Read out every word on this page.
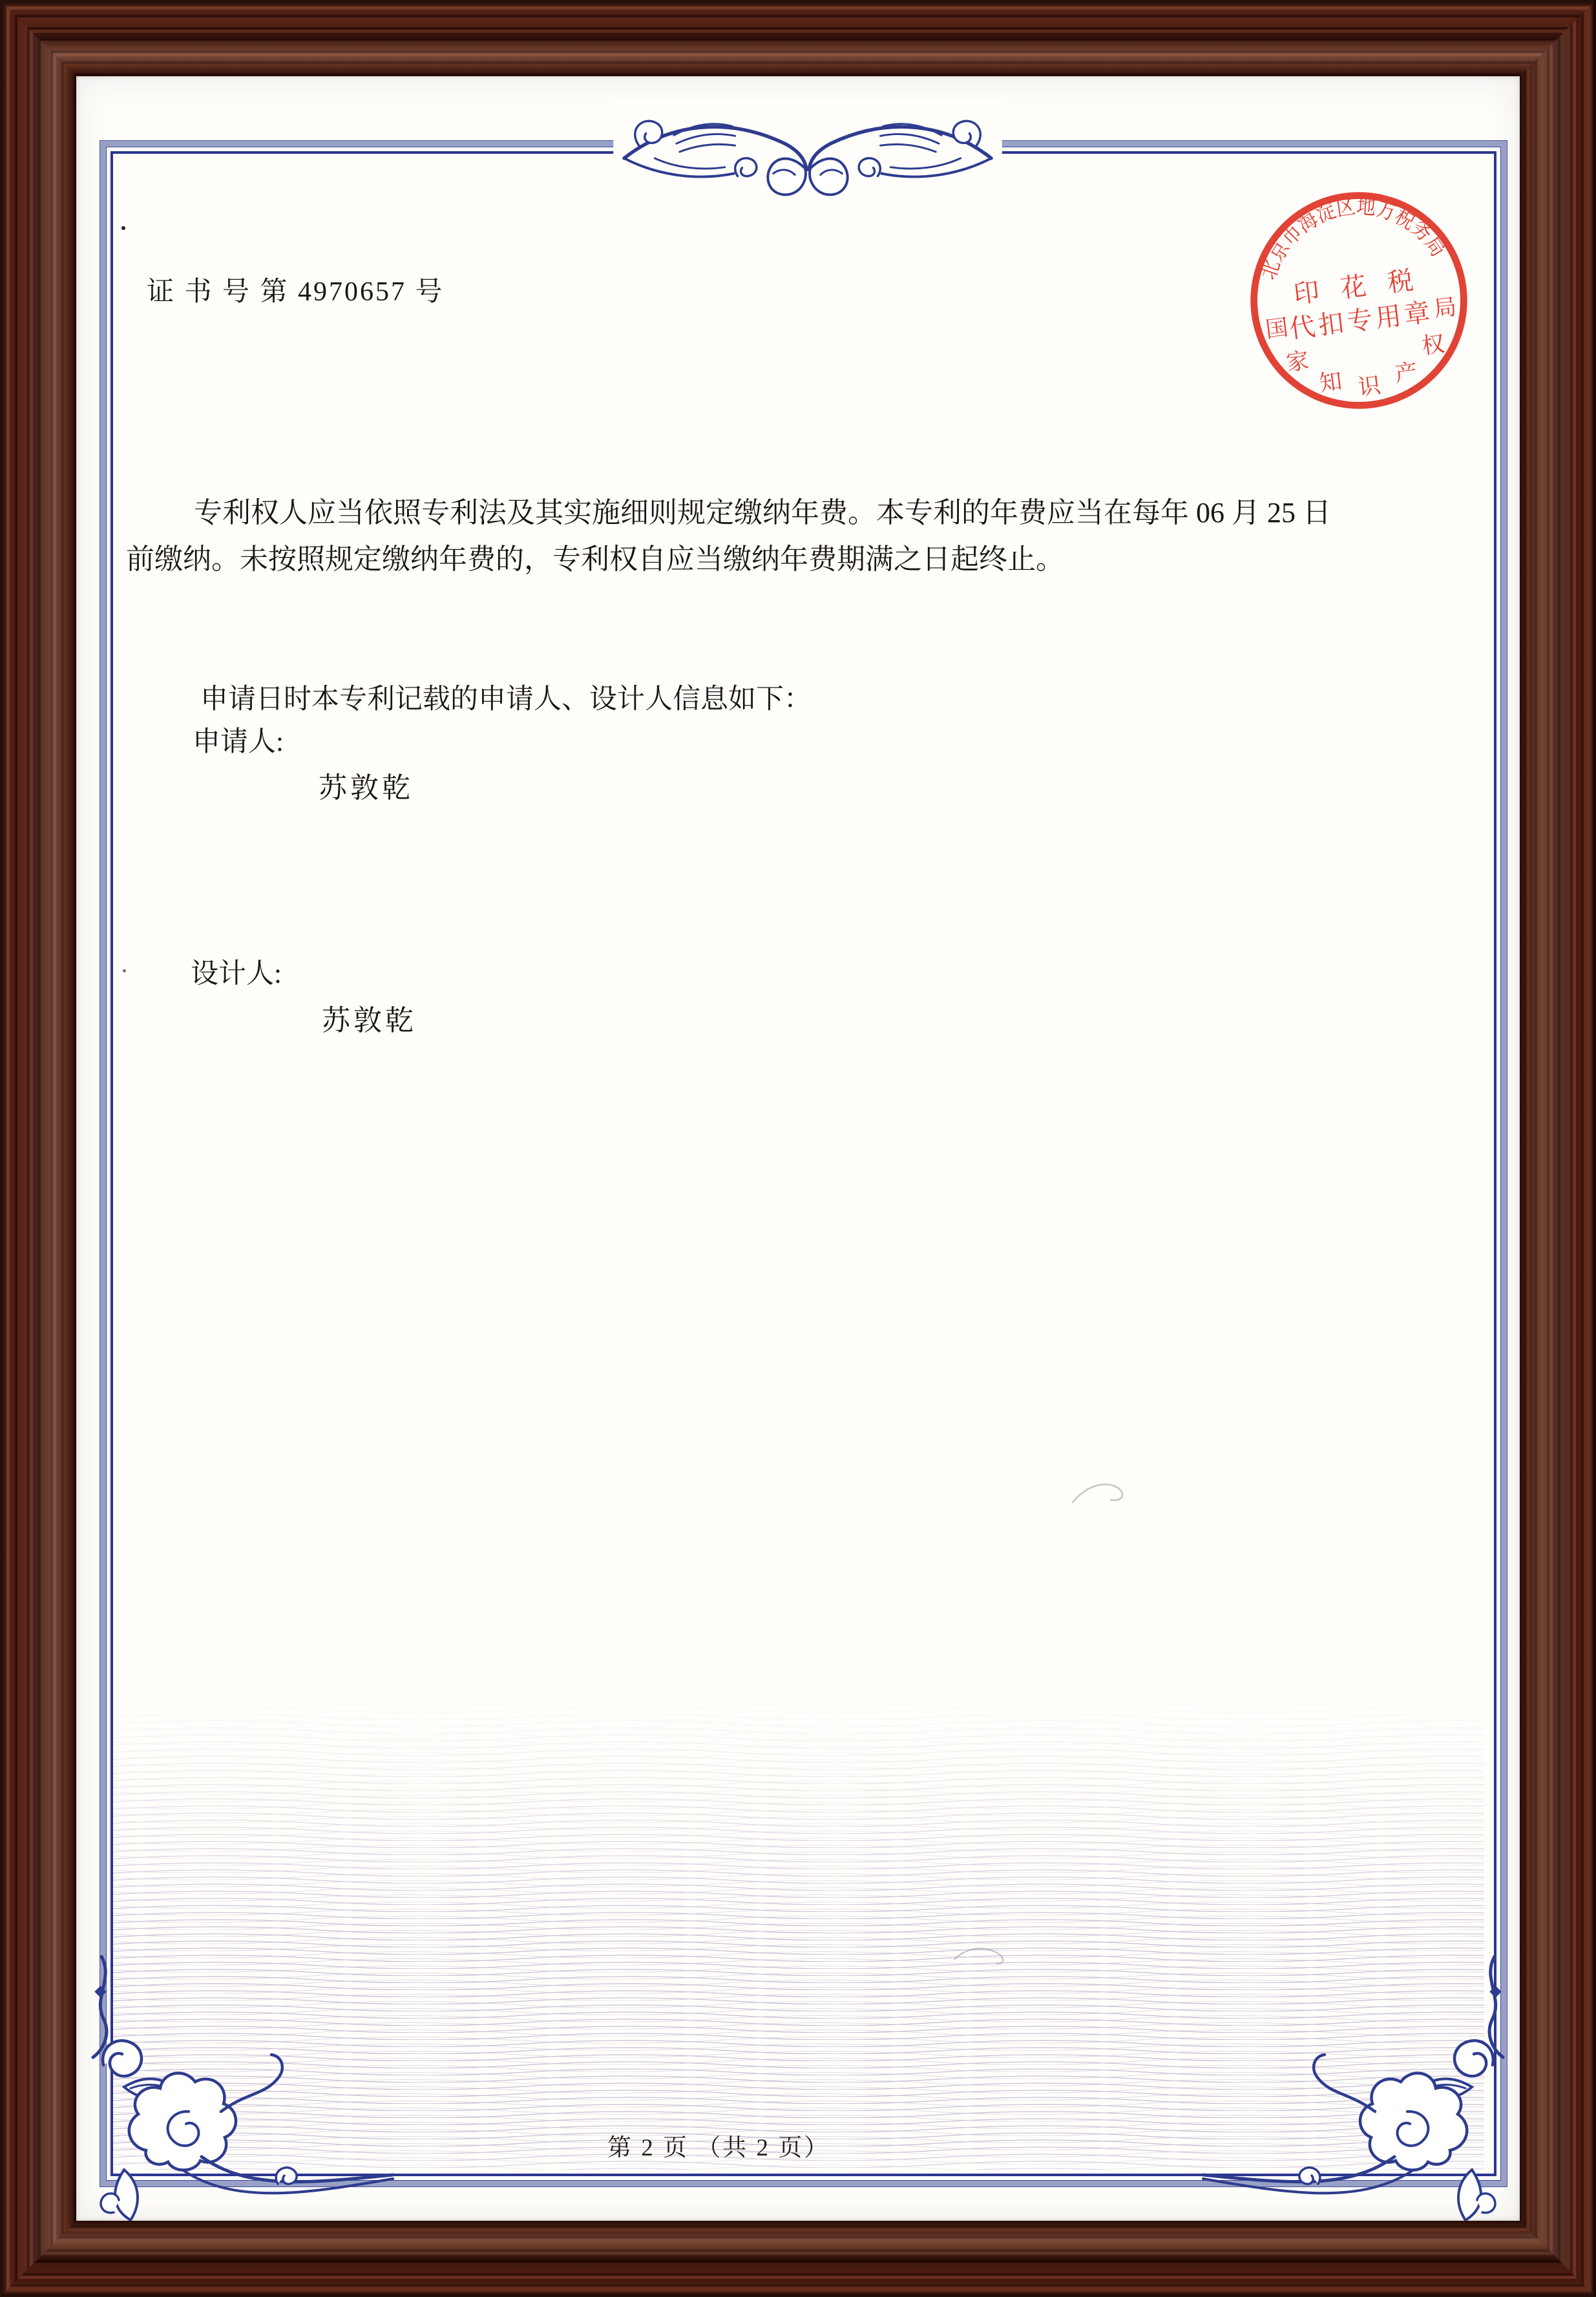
证 书 号 第 4970657 号
专利权人应当依照专利法及其实施细则规定缴纳年费。本专利的年费应当在每年 06 月 25 日
前缴纳。未按照规定缴纳年费的，专利权自应当缴纳年费期满之日起终止。
申请日时本专利记载的申请人、设计人信息如下：
申请人:
苏敦乾
设计人:
苏敦乾
第 2 页 （共 2 页）
北京市海淀区地方税务局
印 花 税
代扣专用章
国
家
知 识 产
权
局
